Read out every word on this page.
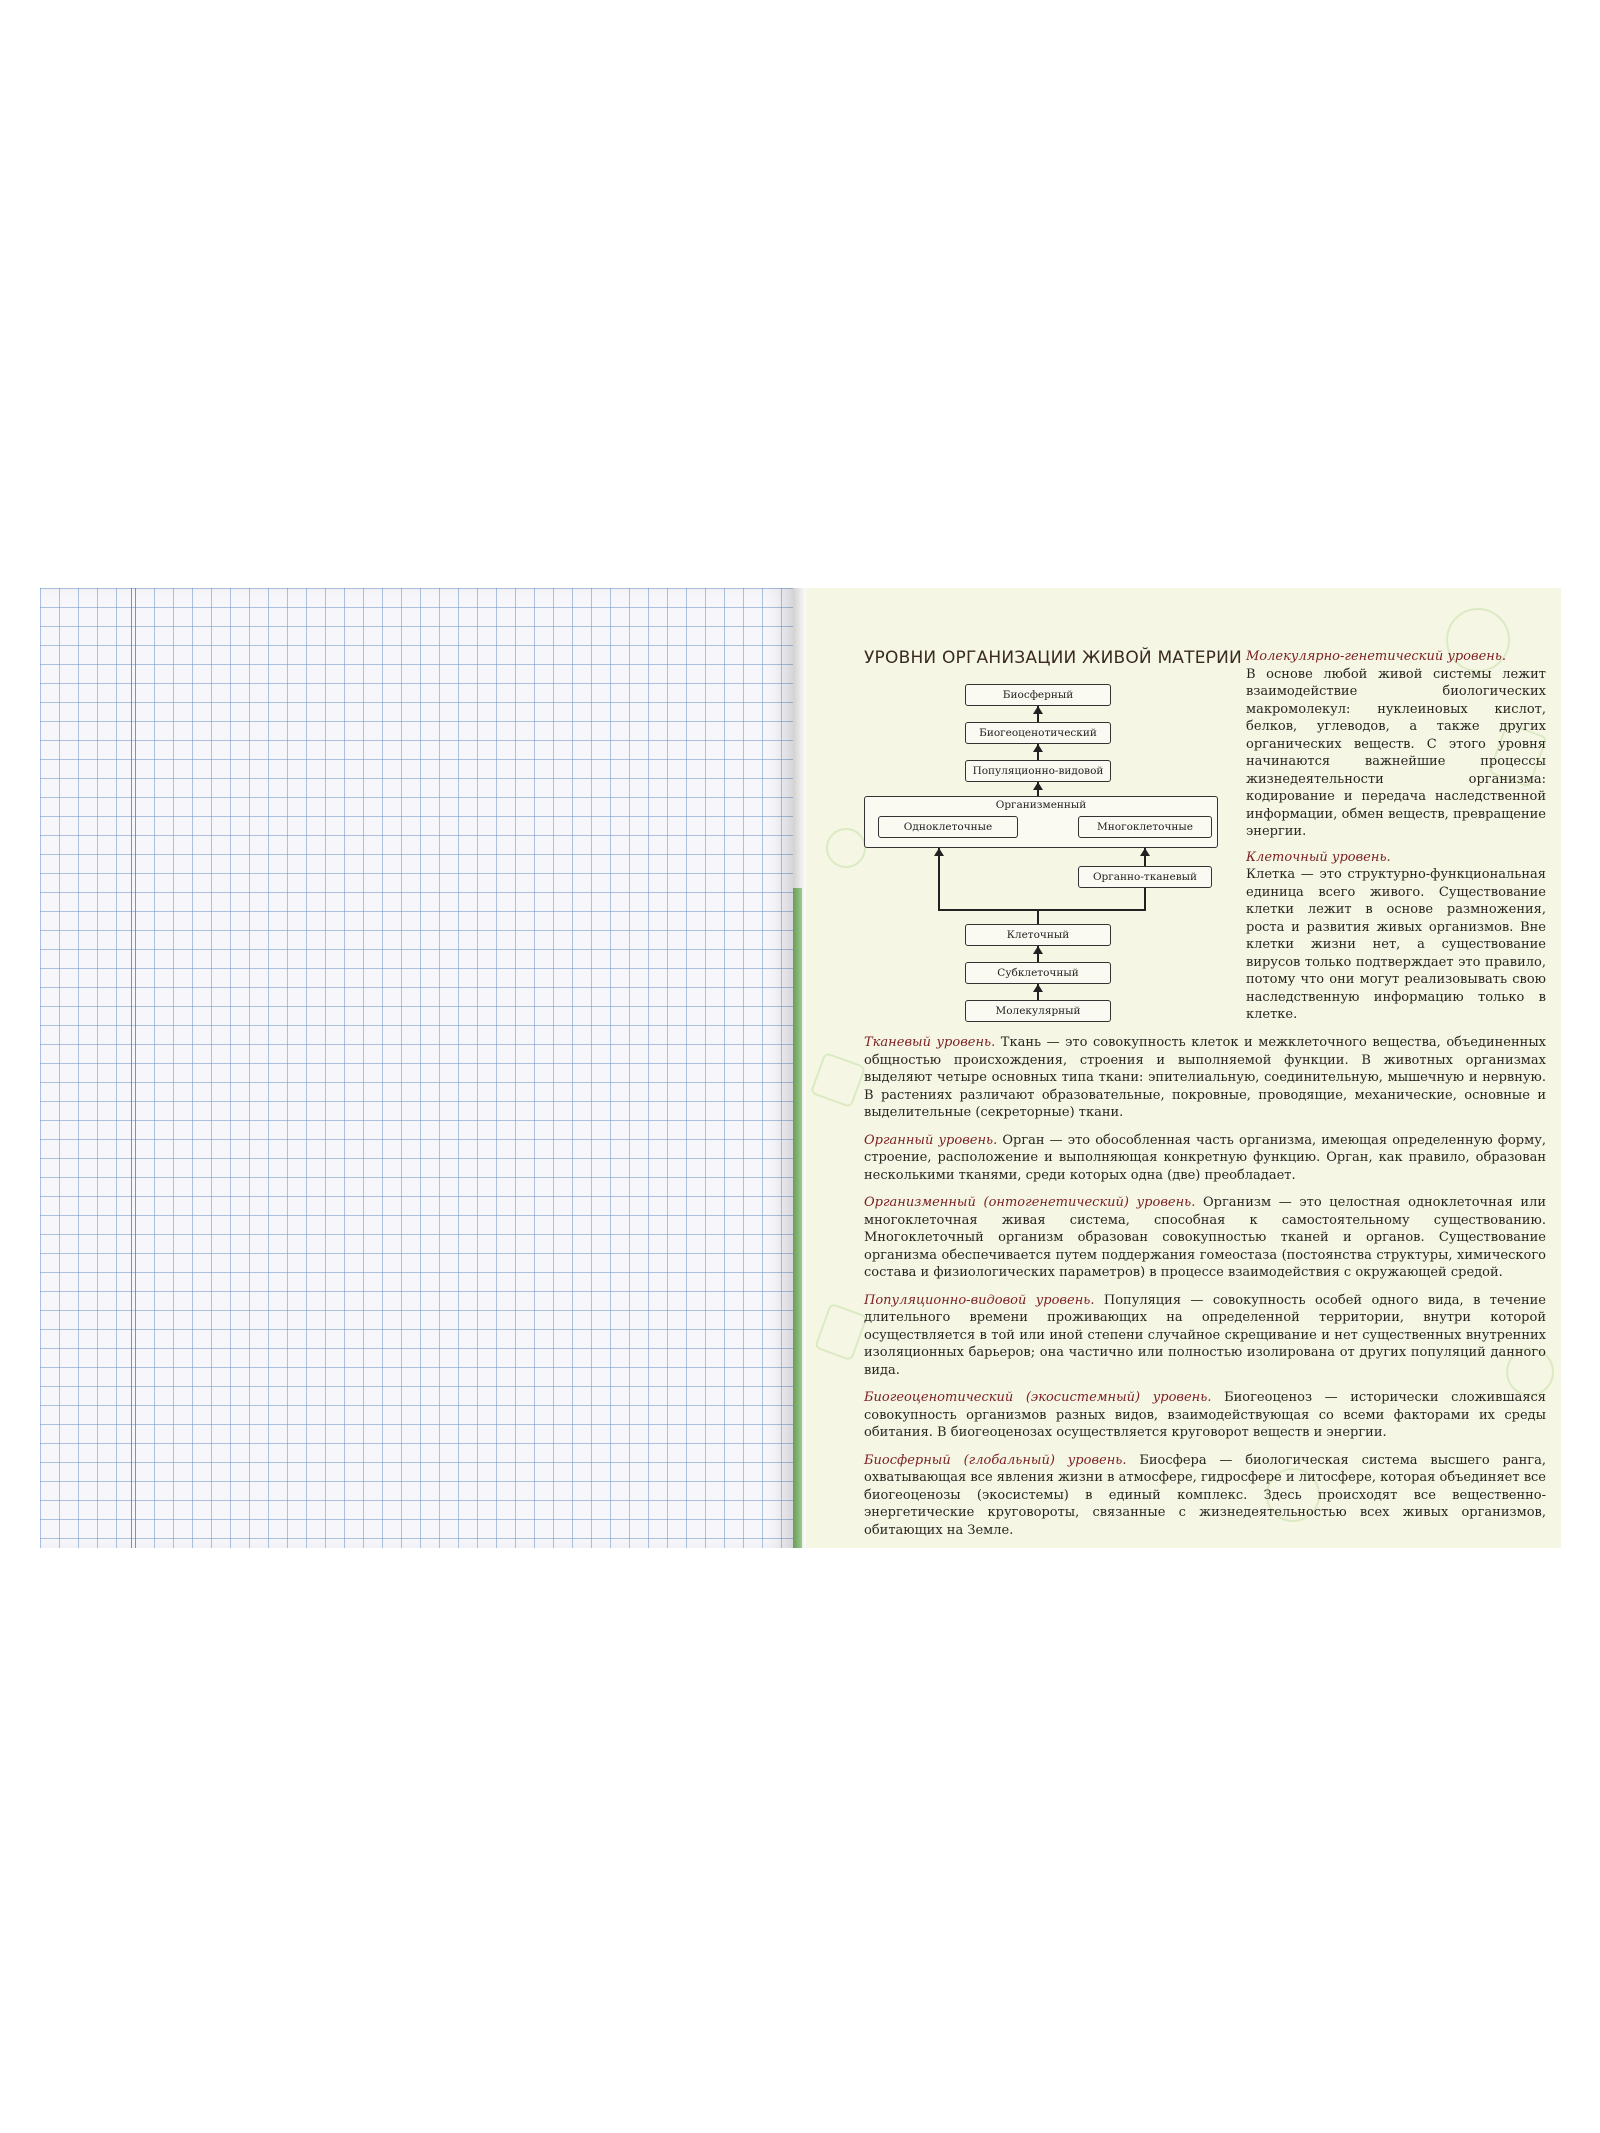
УРОВНИ ОРГАНИЗАЦИИ ЖИВОЙ МАТЕРИИ
Биосферный
Биогеоценотический
Популяционно-видовой
Организменный
Одноклеточные	Многоклеточные
Органно-тканевый
Клеточный
Субклеточный
Молекулярный

Молекулярно-генетический уровень.
В основе любой живой системы лежит взаимодействие биологических макромолекул: нуклеиновых кислот, белков, углеводов, а также других органических веществ. С этого уровня начинаются важнейшие процессы жизнедеятельности организма: кодирование и передача наследственной информации, обмен веществ, превращение энергии.

Клеточный уровень.
Клетка — это структурно-функциональная единица всего живого. Существование клетки лежит в основе размножения, роста и развития живых организмов. Вне клетки жизни нет, а существование вирусов только подтверждает это правило, потому что они могут реализовывать свою наследственную информацию только в клетке.

Тканевый уровень. Ткань — это совокупность клеток и межклеточного вещества, объединенных общностью происхождения, строения и выполняемой функции. В животных организмах выделяют четыре основных типа ткани: эпителиальную, соединительную, мышечную и нервную. В растениях различают образовательные, покровные, проводящие, механические, основные и выделительные (секреторные) ткани.

Органный уровень. Орган — это обособленная часть организма, имеющая определенную форму, строение, расположение и выполняющая конкретную функцию. Орган, как правило, образован несколькими тканями, среди которых одна (две) преобладает.

Организменный (онтогенетический) уровень. Организм — это целостная одноклеточная или многоклеточная живая система, способная к самостоятельному существованию. Многоклеточный организм образован совокупностью тканей и органов. Существование организма обеспечивается путем поддержания гомеостаза (постоянства структуры, химического состава и физиологических параметров) в процессе взаимодействия с окружающей средой.

Популяционно-видовой уровень. Популяция — совокупность особей одного вида, в течение длительного времени проживающих на определенной территории, внутри которой осуществляется в той или иной степени случайное скрещивание и нет существенных внутренних изоляционных барьеров; она частично или полностью изолирована от других популяций данного вида.

Биогеоценотический (экосистемный) уровень. Биогеоценоз — исторически сложившаяся совокупность организмов разных видов, взаимодействующая со всеми факторами их среды обитания. В биогеоценозах осуществляется круговорот веществ и энергии.

Биосферный (глобальный) уровень. Биосфера — биологическая система высшего ранга, охватывающая все явления жизни в атмосфере, гидросфере и литосфере, которая объединяет все биогеоценозы (экосистемы) в единый комплекс. Здесь происходят все вещественно-энергетические круговороты, связанные с жизнедеятельностью всех живых организмов, обитающих на Земле.
